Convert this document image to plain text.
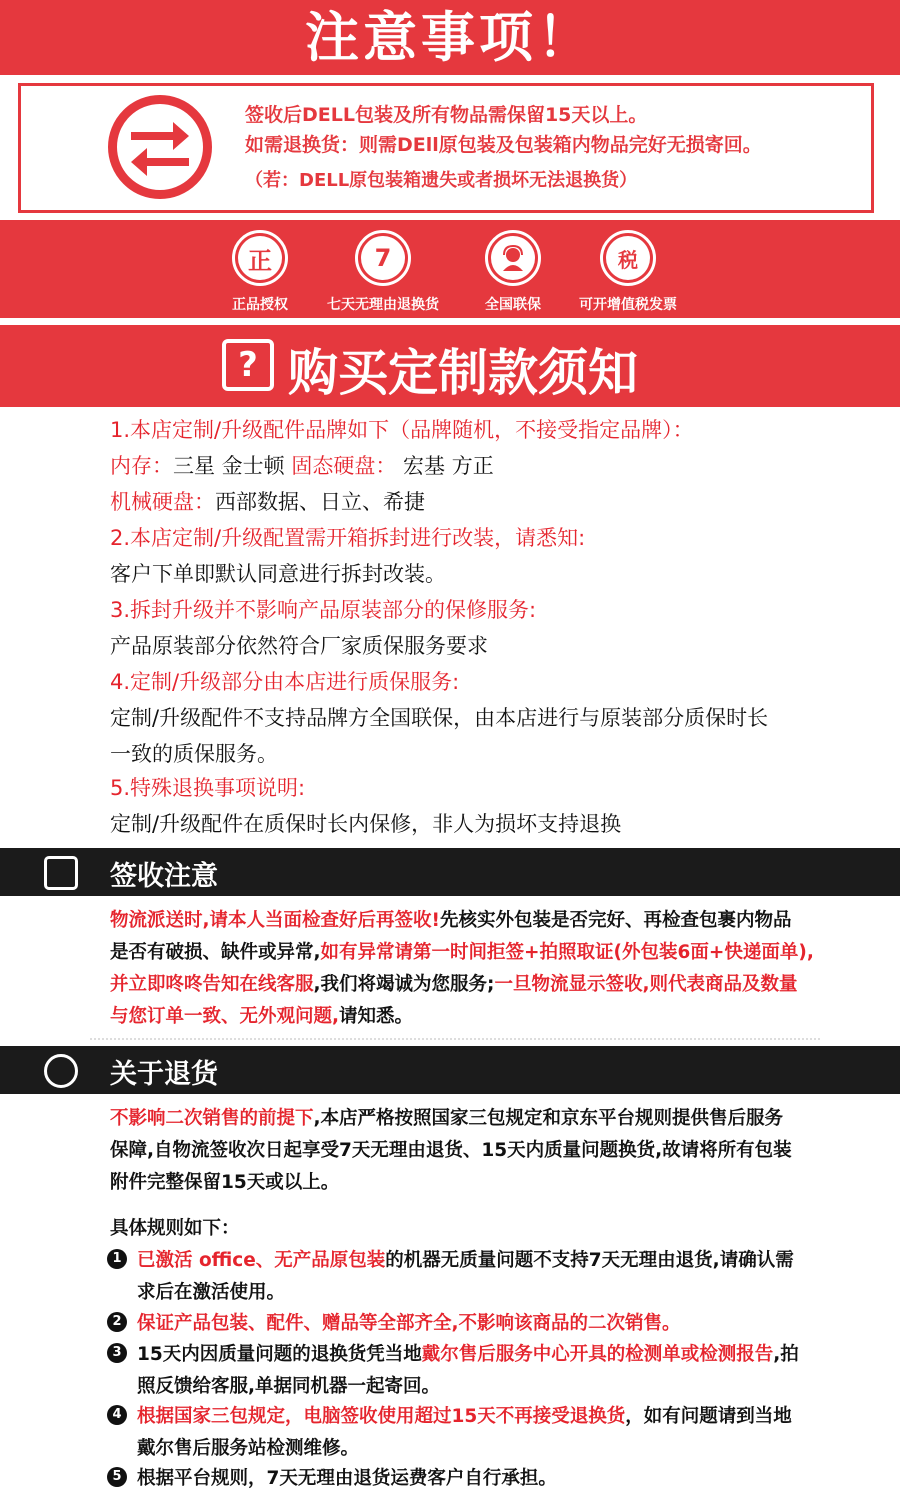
注意事项！
签收后DELL包装及所有物品需保留15天以上。
如需退换货：则需DEll原包装及包装箱内物品完好无损寄回。
（若：DELL原包装箱遗失或者损坏无法退换货）
正
正品授权
7
七天无理由退换货	全国联保
税
可开增值税发票
? 购买定制款须知
1.本店定制/升级配件品牌如下（品牌随机，不接受指定品牌）：
内存：三星 金士顿 固态硬盘： 宏基 方正
机械硬盘：西部数据、日立、希捷
2.本店定制/升级配置需开箱拆封进行改装，请悉知:
客户下单即默认同意进行拆封改装。
3.拆封升级并不影响产品原装部分的保修服务:
产品原装部分依然符合厂家质保服务要求
4.定制/升级部分由本店进行质保服务:
定制/升级配件不支持品牌方全国联保，由本店进行与原装部分质保时长
一致的质保服务。
5.特殊退换事项说明:
定制/升级配件在质保时长内保修，非人为损坏支持退换
签收注意
物流派送时,请本人当面检查好后再签收!先核实外包装是否完好、再检查包裹内物品
是否有破损、缺件或异常,如有异常请第一时间拒签+拍照取证(外包装6面+快递面单),
并立即咚咚告知在线客服,我们将竭诚为您服务;一旦物流显示签收,则代表商品及数量
与您订单一致、无外观问题,请知悉。
关于退货
不影响二次销售的前提下,本店严格按照国家三包规定和京东平台规则提供售后服务
保障,自物流签收次日起享受7天无理由退货、15天内质量问题换货,故请将所有包装
附件完整保留15天或以上。
具体规则如下：
1 已激活 office、无产品原包装的机器无质量问题不支持7天无理由退货,请确认需
求后在激活使用。
2 保证产品包装、配件、赠品等全部齐全,不影响该商品的二次销售。
3 15天内因质量问题的退换货凭当地戴尔售后服务中心开具的检测单或检测报告,拍
照反馈给客服,单据同机器一起寄回。
4 根据国家三包规定，电脑签收使用超过15天不再接受退换货，如有问题请到当地
戴尔售后服务站检测维修。
5 根据平台规则，7天无理由退货运费客户自行承担。
